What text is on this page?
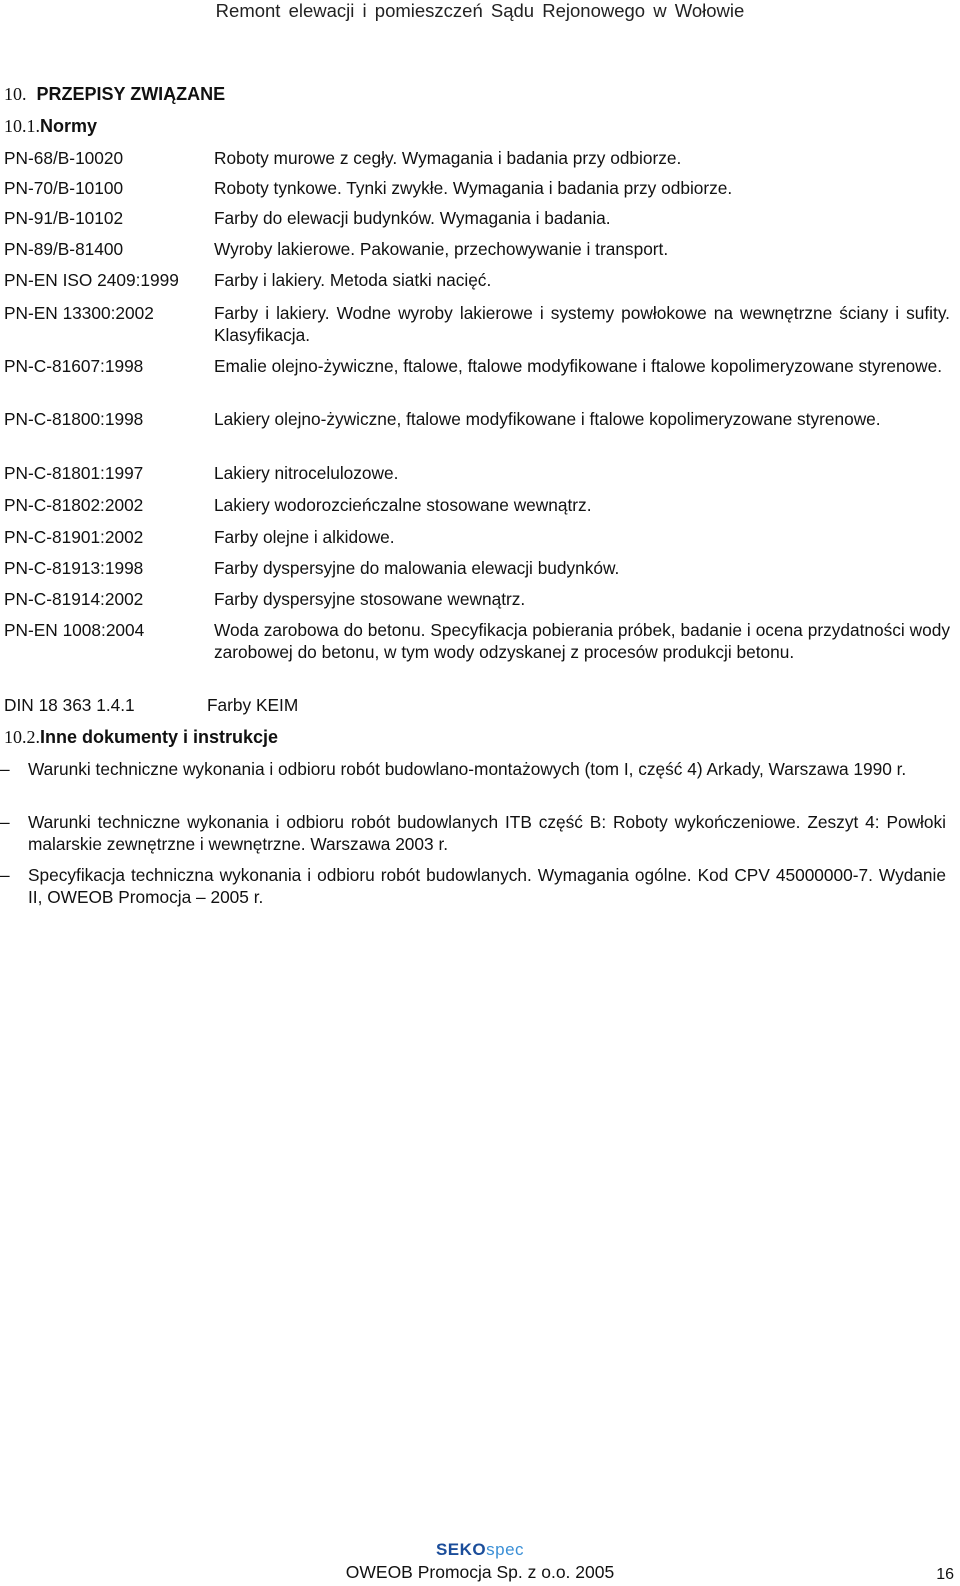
Remont elewacji i pomieszczeń Sądu Rejonowego w Wołowie
10. PRZEPISY ZWIĄZANE
10.1.Normy
PN-68/B-10020	Roboty murowe z cegły. Wymagania i badania przy odbiorze.
PN-70/B-10100	Roboty tynkowe. Tynki zwykłe. Wymagania i badania przy odbiorze.
PN-91/B-10102	Farby do elewacji budynków. Wymagania i badania.
PN-89/B-81400	Wyroby lakierowe. Pakowanie, przechowywanie i transport.
PN-EN ISO 2409:1999 Farby i lakiery. Metoda siatki nacięć.
PN-EN 13300:2002	Farby i lakiery. Wodne wyroby lakierowe i systemy powłokowe na wewnętrzne ściany i sufity. Klasyfikacja.
PN-C-81607:1998	Emalie olejno-żywiczne, ftalowe, ftalowe modyfikowane i ftalowe kopolimeryzowane styrenowe.
PN-C-81800:1998	Lakiery olejno-żywiczne, ftalowe modyfikowane i ftalowe kopolimeryzowane styrenowe.
PN-C-81801:1997	Lakiery nitrocelulozowe.
PN-C-81802:2002	Lakiery wodorozcieńczalne stosowane wewnątrz.
PN-C-81901:2002	Farby olejne i alkidowe.
PN-C-81913:1998	Farby dyspersyjne do malowania elewacji budynków.
PN-C-81914:2002	Farby dyspersyjne stosowane wewnątrz.
PN-EN 1008:2004	Woda zarobowa do betonu. Specyfikacja pobierania próbek, badanie i ocena przydatności wody zarobowej do betonu, w tym wody odzyskanej z procesów produkcji betonu.
DIN 18 363 1.4.1	Farby KEIM
10.2.Inne dokumenty i instrukcje
– Warunki techniczne wykonania i odbioru robót budowlano-montażowych (tom I, część 4) Arkady, Warszawa 1990 r.
– Warunki techniczne wykonania i odbioru robót budowlanych ITB część B: Roboty wykończeniowe. Zeszyt 4: Powłoki malarskie zewnętrzne i wewnętrzne. Warszawa 2003 r.
– Specyfikacja techniczna wykonania i odbioru robót budowlanych. Wymagania ogólne. Kod CPV 45000000-7. Wydanie II, OWEOB Promocja – 2005 r.
SEKOspec
OWEOB Promocja Sp. z o.o. 2005	16
